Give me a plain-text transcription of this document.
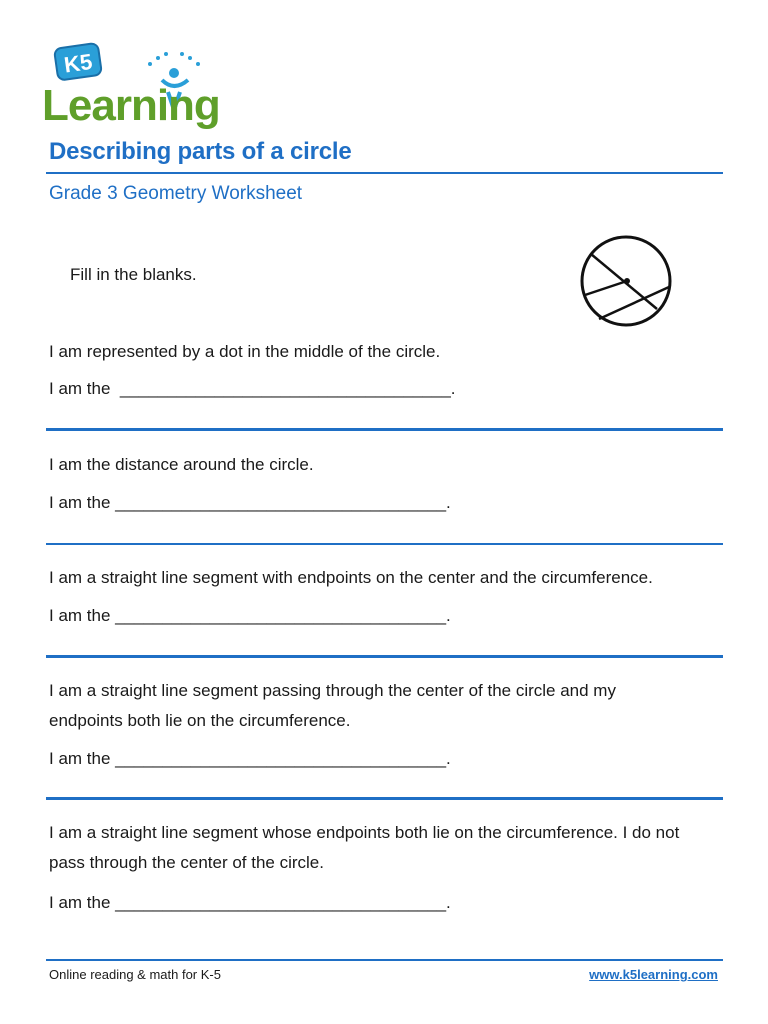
K5
Learning
Describing parts of a circle
Grade 3 Geometry Worksheet
Fill in the blanks.
I am represented by a dot in the middle of the circle.
I am the  ___________________________________.
I am the distance around the circle.
I am the ___________________________________.
I am a straight line segment with endpoints on the center and the circumference.
I am the ___________________________________.
I am a straight line segment passing through the center of the circle and my endpoints both lie on the circumference.
I am the ___________________________________.
I am a straight line segment whose endpoints both lie on the circumference. I do not pass through the center of the circle.
I am the ___________________________________.
Online reading & math for K-5	www.k5learning.com
